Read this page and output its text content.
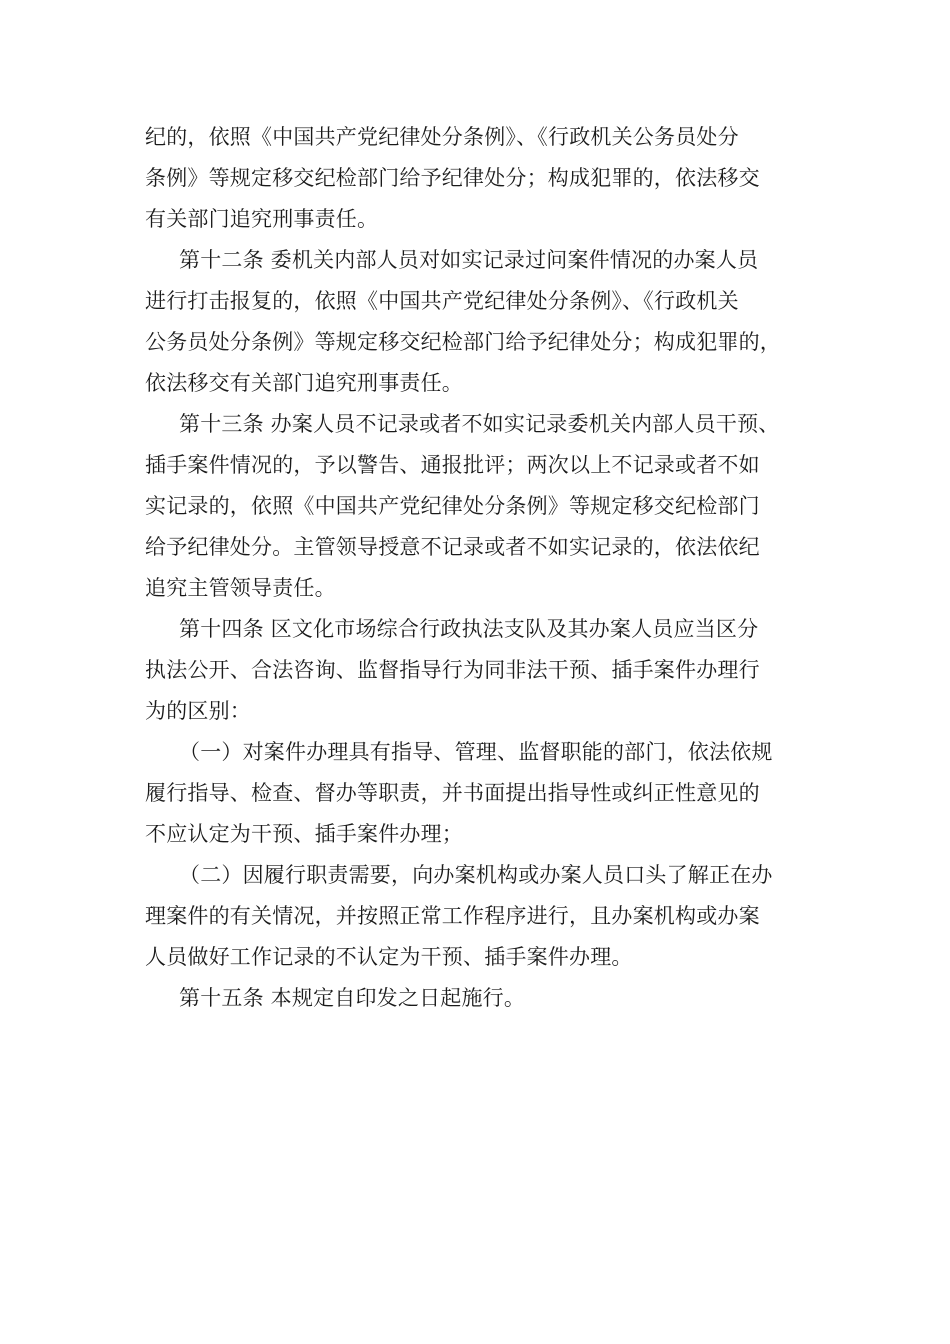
纪的，依照《中国共产党纪律处分条例》、《行政机关公务员处分
条例》等规定移交纪检部门给予纪律处分；构成犯罪的，依法移交
有关部门追究刑事责任。
第十二条 委机关内部人员对如实记录过问案件情况的办案人员
进行打击报复的，依照《中国共产党纪律处分条例》、《行政机关
公务员处分条例》等规定移交纪检部门给予纪律处分；构成犯罪的，
依法移交有关部门追究刑事责任。
第十三条 办案人员不记录或者不如实记录委机关内部人员干预、
插手案件情况的，予以警告、通报批评；两次以上不记录或者不如
实记录的，依照《中国共产党纪律处分条例》等规定移交纪检部门
给予纪律处分。主管领导授意不记录或者不如实记录的，依法依纪
追究主管领导责任。
第十四条 区文化市场综合行政执法支队及其办案人员应当区分
执法公开、合法咨询、监督指导行为同非法干预、插手案件办理行
为的区别：
（一）对案件办理具有指导、管理、监督职能的部门，依法依规
履行指导、检查、督办等职责，并书面提出指导性或纠正性意见的
不应认定为干预、插手案件办理；
（二）因履行职责需要，向办案机构或办案人员口头了解正在办
理案件的有关情况，并按照正常工作程序进行，且办案机构或办案
人员做好工作记录的不认定为干预、插手案件办理。
第十五条 本规定自印发之日起施行。
